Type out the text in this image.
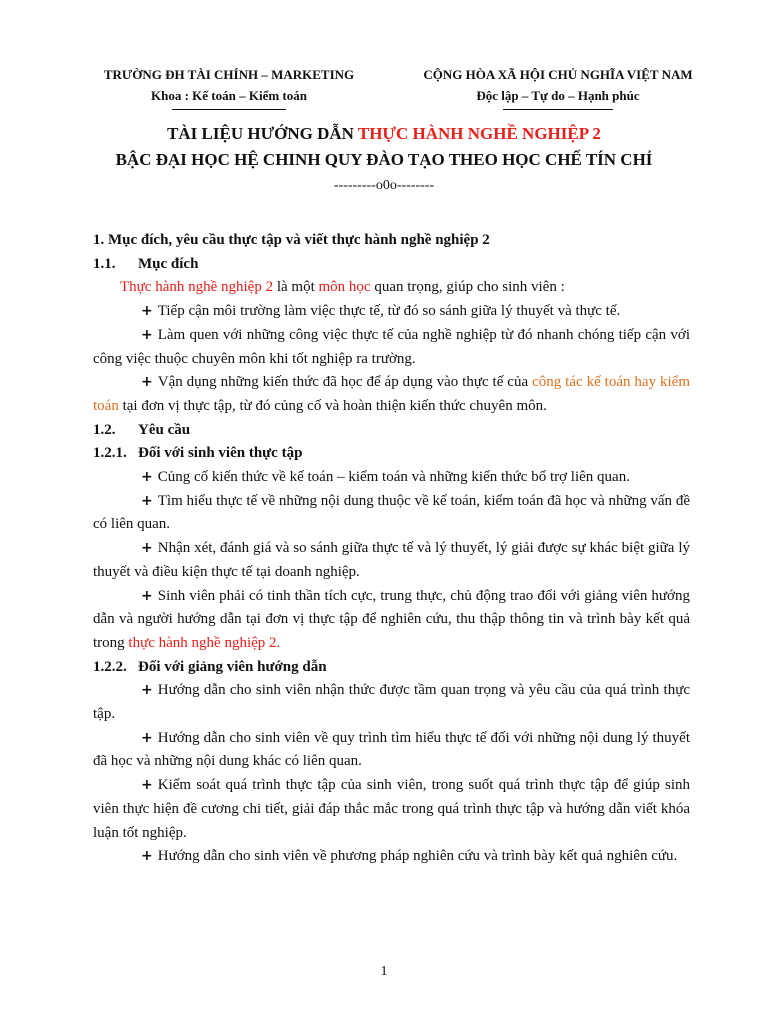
TRƯỜNG ĐH TÀI CHÍNH – MARKETING
Khoa : Kế toán – Kiểm toán
CỘNG HÒA XÃ HỘI CHỦ NGHĨA VIỆT NAM
Độc lập – Tự do – Hạnh phúc
TÀI LIỆU HƯỚNG DẪN THỰC HÀNH NGHỀ NGHIỆP 2
BẬC ĐẠI HỌC HỆ CHINH QUY ĐÀO TẠO THEO HỌC CHẾ TÍN CHỈ
---------o0o--------

1. Mục đích, yêu cầu thực tập và viết thực hành nghề nghiệp 2

1.1. Mục đích

Thực hành nghề nghiệp 2 là một môn học quan trọng, giúp cho sinh viên :

+ Tiếp cận môi trường làm việc thực tế, từ đó so sánh giữa lý thuyết và thực tế.

+ Làm quen với những công việc thực tế của nghề nghiệp từ đó nhanh chóng tiếp cận với công việc thuộc chuyên môn khi tốt nghiệp ra trường.

+ Vận dụng những kiến thức đã học để áp dụng vào thực tế của công tác kế toán hay kiểm toán tại đơn vị thực tập, từ đó củng cố và hoàn thiện kiến thức chuyên môn.

1.2. Yêu cầu

1.2.1. Đối với sinh viên thực tập

+ Củng cố kiến thức về kế toán – kiểm toán và những kiến thức bổ trợ liên quan.

+ Tìm hiểu thực tế về những nội dung thuộc về kế toán, kiểm toán đã học và những vấn đề có liên quan.

+ Nhận xét, đánh giá và so sánh giữa thực tế và lý thuyết, lý giải được sự khác biệt giữa lý thuyết và điều kiện thực tế tại doanh nghiệp.

+ Sinh viên phải có tinh thần tích cực, trung thực, chủ động trao đổi với giảng viên hướng dẫn và người hướng dẫn tại đơn vị thực tập để nghiên cứu, thu thập thông tin và trình bày kết quả trong thực hành nghề nghiệp 2.

1.2.2. Đối với giảng viên hướng dẫn

+ Hướng dẫn cho sinh viên nhận thức được tầm quan trọng và yêu cầu của quá trình thực tập.

+ Hướng dẫn cho sinh viên về quy trình tìm hiểu thực tế đối với những nội dung lý thuyết đã học và những nội dung khác có liên quan.

+ Kiểm soát quá trình thực tập của sinh viên, trong suốt quá trình thực tập để giúp sinh viên thực hiện đề cương chi tiết, giải đáp thắc mắc trong quá trình thực tập và hướng dẫn viết khóa luận tốt nghiệp.

+ Hướng dẫn cho sinh viên về phương pháp nghiên cứu và trình bày kết quả nghiên cứu.

1
